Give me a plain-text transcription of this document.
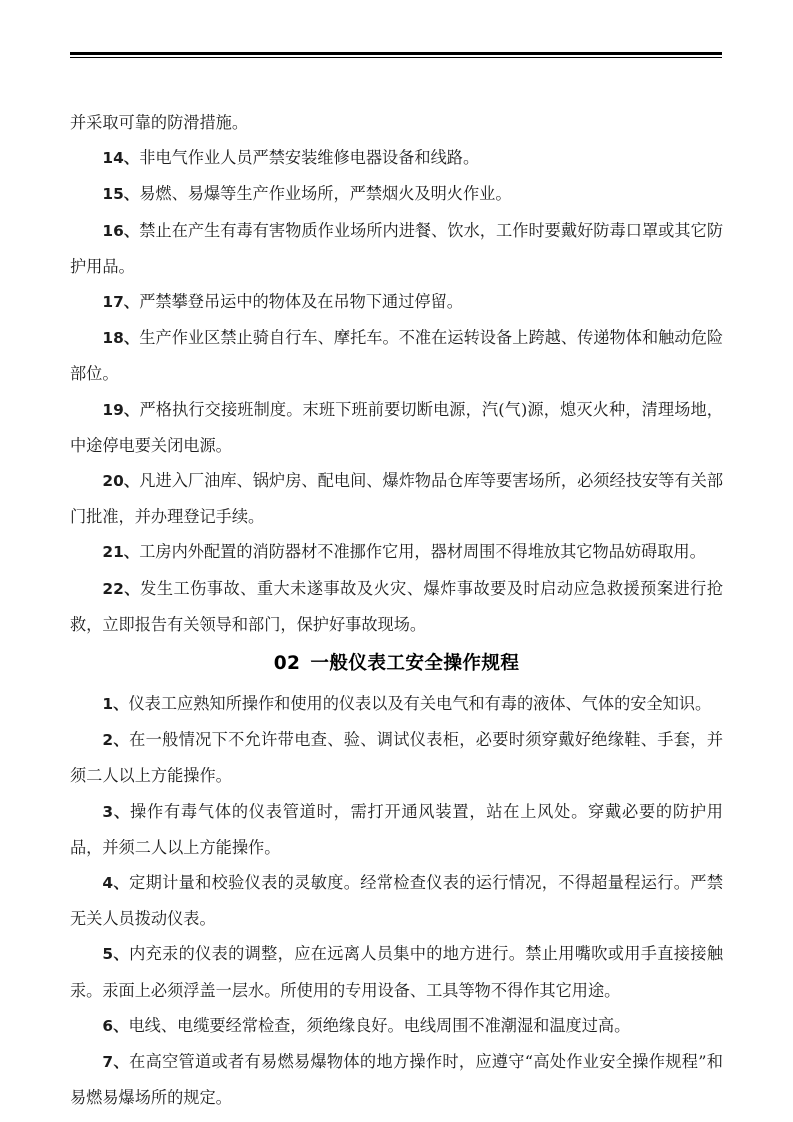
并采取可靠的防滑措施。

14、非电气作业人员严禁安装维修电器设备和线路。

15、易燃、易爆等生产作业场所，严禁烟火及明火作业。

16、禁止在产生有毒有害物质作业场所内进餐、饮水，工作时要戴好防毒口罩或其它防护用品。

17、严禁攀登吊运中的物体及在吊物下通过停留。

18、生产作业区禁止骑自行车、摩托车。不准在运转设备上跨越、传递物体和触动危险部位。

19、严格执行交接班制度。末班下班前要切断电源，汽(气)源，熄灭火种，清理场地，中途停电要关闭电源。

20、凡进入厂油库、锅炉房、配电间、爆炸物品仓库等要害场所，必须经技安等有关部门批准，并办理登记手续。

21、工房内外配置的消防器材不准挪作它用，器材周围不得堆放其它物品妨碍取用。

22、发生工伤事故、重大未遂事故及火灾、爆炸事故要及时启动应急救援预案进行抢救，立即报告有关领导和部门，保护好事故现场。

02 一般仪表工安全操作规程

1、仪表工应熟知所操作和使用的仪表以及有关电气和有毒的液体、气体的安全知识。

2、在一般情况下不允许带电查、验、调试仪表柜，必要时须穿戴好绝缘鞋、手套，并须二人以上方能操作。

3、操作有毒气体的仪表管道时，需打开通风装置，站在上风处。穿戴必要的防护用品，并须二人以上方能操作。

4、定期计量和校验仪表的灵敏度。经常检查仪表的运行情况，不得超量程运行。严禁无关人员拨动仪表。

5、内充汞的仪表的调整，应在远离人员集中的地方进行。禁止用嘴吹或用手直接接触汞。汞面上必须浮盖一层水。所使用的专用设备、工具等物不得作其它用途。

6、电线、电缆要经常检查，须绝缘良好。电线周围不准潮湿和温度过高。

7、在高空管道或者有易燃易爆物体的地方操作时，应遵守“高处作业安全操作规程”和易燃易爆场所的规定。
